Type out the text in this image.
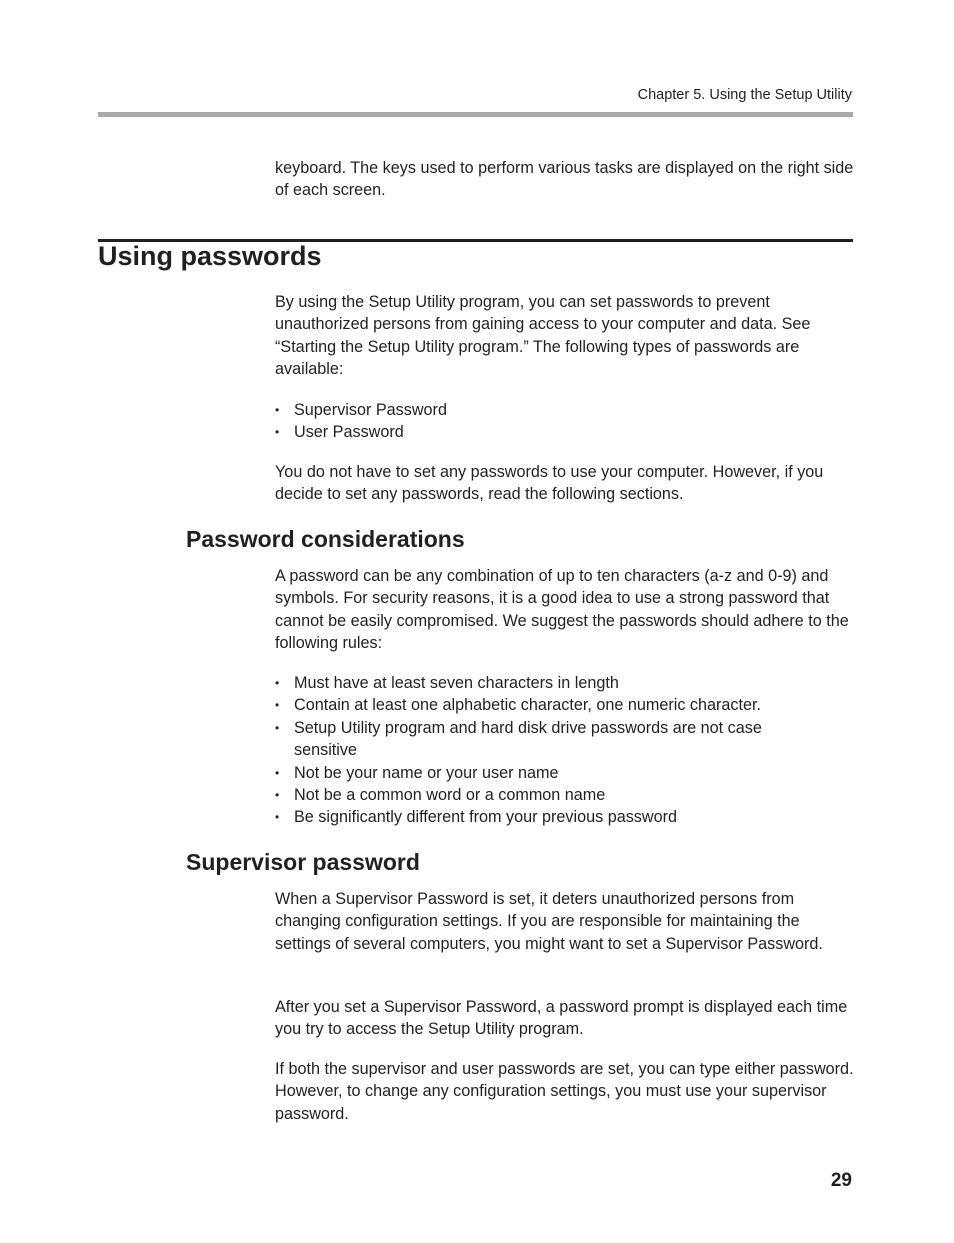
Chapter 5. Using the Setup Utility

keyboard. The keys used to perform various tasks are displayed on the right side of each screen.

Using passwords

By using the Setup Utility program, you can set passwords to prevent unauthorized persons from gaining access to your computer and data. See “Starting the Setup Utility program.” The following types of passwords are available:

• Supervisor Password
• User Password

You do not have to set any passwords to use your computer. However, if you decide to set any passwords, read the following sections.

Password considerations

A password can be any combination of up to ten characters (a-z and 0-9) and symbols. For security reasons, it is a good idea to use a strong password that cannot be easily compromised. We suggest the passwords should adhere to the following rules:

• Must have at least seven characters in length
• Contain at least one alphabetic character, one numeric character.
• Setup Utility program and hard disk drive passwords are not case sensitive
• Not be your name or your user name
• Not be a common word or a common name
• Be significantly different from your previous password
Supervisor password

When a Supervisor Password is set, it deters unauthorized persons from changing configuration settings. If you are responsible for maintaining the settings of several computers, you might want to set a Supervisor Password.

After you set a Supervisor Password, a password prompt is displayed each time you try to access the Setup Utility program.

If both the supervisor and user passwords are set, you can type either password. However, to change any configuration settings, you must use your supervisor password.

29
